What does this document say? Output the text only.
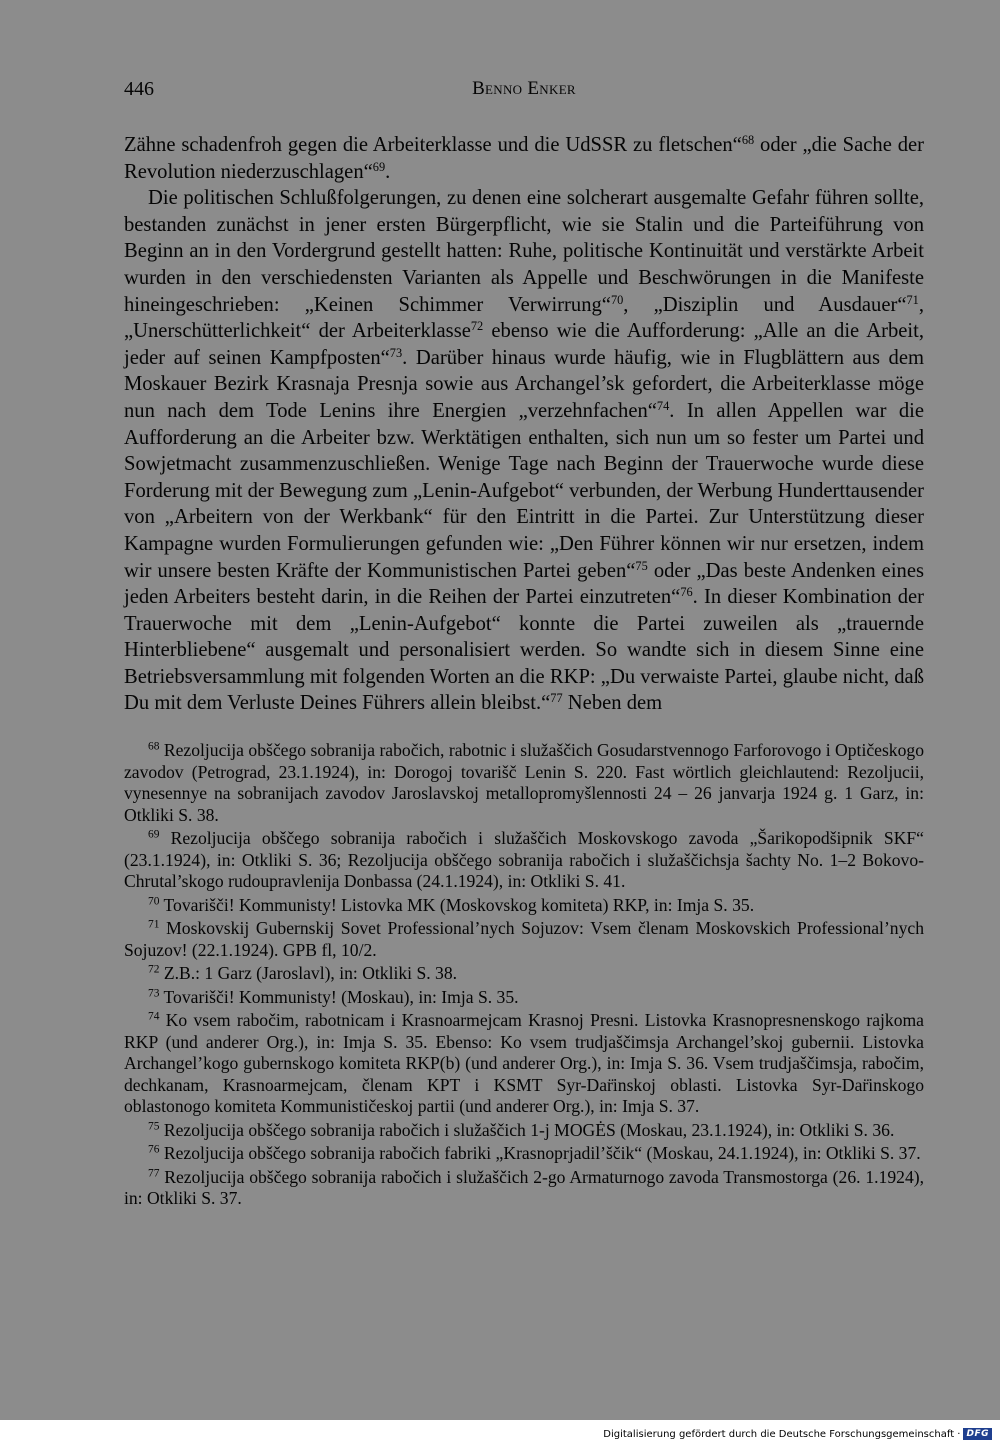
446	Benno Enker

Zähne schadenfroh gegen die Arbeiterklasse und die UdSSR zu fletschen“$^{68}$ oder „die Sache der Revolution niederzuschlagen“$^{69}$.

Die politischen Schlußfolgerungen, zu denen eine solcherart ausgemalte Gefahr führen sollte, bestanden zunächst in jener ersten Bürgerpflicht, wie sie Stalin und die Parteiführung von Beginn an in den Vordergrund gestellt hatten: Ruhe, politische Kontinuität und verstärkte Arbeit wurden in den verschiedensten Varianten als Appelle und Beschwörungen in die Manifeste hineingeschrieben: „Keinen Schimmer Verwirrung“$^{70}$, „Disziplin und Ausdauer“$^{71}$, „Unerschütterlichkeit“ der Arbeiterklasse$^{72}$ ebenso wie die Aufforderung: „Alle an die Arbeit, jeder auf seinen Kampfposten“$^{73}$. Darüber hinaus wurde häufig, wie in Flugblättern aus dem Moskauer Bezirk Krasnaja Presnja sowie aus Archangel’sk gefordert, die Arbeiterklasse möge nun nach dem Tode Lenins ihre Energien „verzehnfachen“$^{74}$. In allen Appellen war die Aufforderung an die Arbeiter bzw. Werktätigen enthalten, sich nun um so fester um Partei und Sowjetmacht zusammenzuschließen. Wenige Tage nach Beginn der Trauerwoche wurde diese Forderung mit der Bewegung zum „Lenin-Aufgebot“ verbunden, der Werbung Hunderttausender von „Arbeitern von der Werkbank“ für den Eintritt in die Partei. Zur Unterstützung dieser Kampagne wurden Formulierungen gefunden wie: „Den Führer können wir nur ersetzen, indem wir unsere besten Kräfte der Kommunistischen Partei geben“$^{75}$ oder „Das beste Andenken eines jeden Arbeiters besteht darin, in die Reihen der Partei einzutreten“$^{76}$. In dieser Kombination der Trauerwoche mit dem „Lenin-Aufgebot“ konnte die Partei zuweilen als „trauernde Hinterbliebene“ ausgemalt und personalisiert werden. So wandte sich in diesem Sinne eine Betriebsversammlung mit folgenden Worten an die RKP: „Du verwaiste Partei, glaube nicht, daß Du mit dem Verluste Deines Führers allein bleibst.“$^{77}$ Neben dem

$^{68}$ Rezoljucija obščego sobranija rabočich, rabotnic i služaščich Gosudarstvennogo Farforovogo i Optičeskogo zavodov (Petrograd, 23.1.1924), in: Dorogoj tovarišč Lenin S. 220. Fast wörtlich gleichlautend: Rezoljucii, vynesennye na sobranijach zavodov Jaroslavskoj metallopromyšlennosti 24 – 26 janvarja 1924 g. 1 Garz, in: Otkliki S. 38.

$^{69}$ Rezoljucija obščego sobranija rabočich i služaščich Moskovskogo zavoda „Šarikopodšipnik SKF“ (23.1.1924), in: Otkliki S. 36; Rezoljucija obščego sobranija rabočich i služaščichsja šachty No. 1–2 Bokovo-Chrutal’skogo rudoupravlenija Donbassa (24.1.1924), in: Otkliki S. 41.

$^{70}$ Tovarišči! Kommunisty! Listovka MK (Moskovskog komiteta) RKP, in: Imja S. 35.

$^{71}$ Moskovskij Gubernskij Sovet Professional’nych Sojuzov: Vsem členam Moskovskich Professional’nych Sojuzov! (22.1.1924). GPB fl, 10/2.

$^{72}$ Z.B.: 1 Garz (Jaroslavl), in: Otkliki S. 38.

$^{73}$ Tovarišči! Kommunisty! (Moskau), in: Imja S. 35.

$^{74}$ Ko vsem rabočim, rabotnicam i Krasnoarmejcam Krasnoj Presni. Listovka Krasnopresnenskogo rajkoma RKP (und anderer Org.), in: Imja S. 35. Ebenso: Ko vsem trudjaščimsja Archangel’skoj gubernii. Listovka Archangel’kogo gubernskogo komiteta RKP(b) (und anderer Org.), in: Imja S. 36. Vsem trudjaščimsja, rabočim, dechkanam, Krasnoarmejcam, členam KPT i KSMT Syr-Dar̈inskoj oblasti. Listovka Syr-Dar̈inskogo oblastonogo komiteta Kommunističeskoj partii (und anderer Org.), in: Imja S. 37.

$^{75}$ Rezoljucija obščego sobranija rabočich i služaščich 1-j MOGĖS (Moskau, 23.1.1924), in: Otkliki S. 36.

$^{76}$ Rezoljucija obščego sobranija rabočich fabriki „Krasnoprjadil’ščik“ (Moskau, 24.1.1924), in: Otkliki S. 37.

$^{77}$ Rezoljucija obščego sobranija rabočich i služaščich 2-go Armaturnogo zavoda Transmostorga (26. 1.1924), in: Otkliki S. 37.

Digitalisierung gefördert durch die Deutsche Forschungsgemeinschaft · DFG
